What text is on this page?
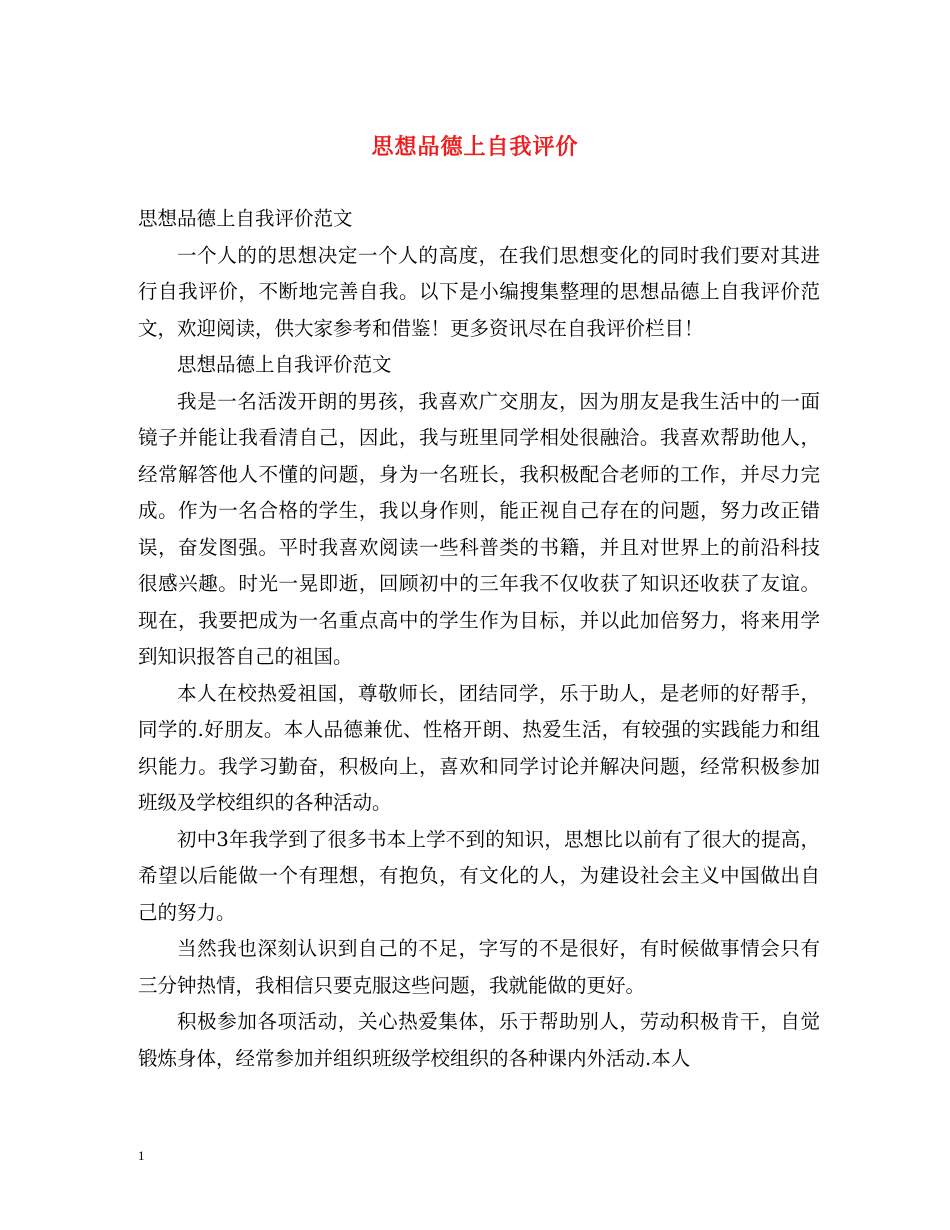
思想品德上自我评价

思想品德上自我评价范文

一个人的的思想决定一个人的高度，在我们思想变化的同时我们要对其进行自我评价，不断地完善自我。以下是小编搜集整理的思想品德上自我评价范文，欢迎阅读，供大家参考和借鉴！更多资讯尽在自我评价栏目！

思想品德上自我评价范文

我是一名活泼开朗的男孩，我喜欢广交朋友，因为朋友是我生活中的一面镜子并能让我看清自己，因此，我与班里同学相处很融洽。我喜欢帮助他人，经常解答他人不懂的问题，身为一名班长，我积极配合老师的工作，并尽力完成。作为一名合格的学生，我以身作则，能正视自己存在的问题，努力改正错误，奋发图强。平时我喜欢阅读一些科普类的书籍，并且对世界上的前沿科技很感兴趣。时光一晃即逝，回顾初中的三年我不仅收获了知识还收获了友谊。现在，我要把成为一名重点高中的学生作为目标，并以此加倍努力，将来用学到知识报答自己的祖国。

本人在校热爱祖国，尊敬师长，团结同学，乐于助人，是老师的好帮手，同学的.好朋友。本人品德兼优、性格开朗、热爱生活，有较强的实践能力和组织能力。我学习勤奋，积极向上，喜欢和同学讨论并解决问题，经常积极参加班级及学校组织的各种活动。

初中3年我学到了很多书本上学不到的知识，思想比以前有了很大的提高，希望以后能做一个有理想，有抱负，有文化的人，为建设社会主义中国做出自己的努力。

当然我也深刻认识到自己的不足，字写的不是很好，有时候做事情会只有三分钟热情，我相信只要克服这些问题，我就能做的更好。

积极参加各项活动，关心热爱集体，乐于帮助别人，劳动积极肯干，自觉锻炼身体，经常参加并组织班级学校组织的各种课内外活动.本人

1
